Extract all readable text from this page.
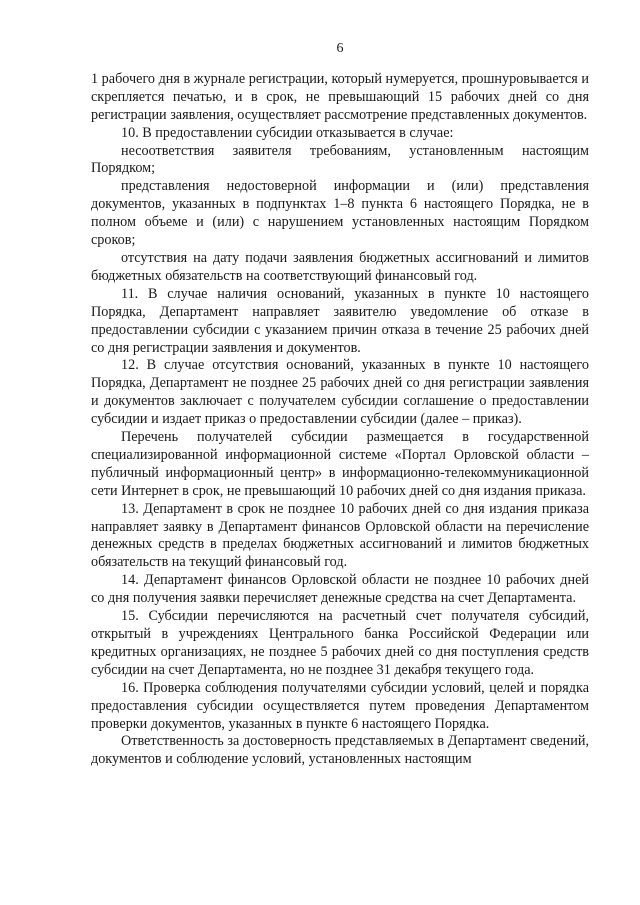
6

1 рабочего дня в журнале регистрации, который нумеруется, прошнуровывается и скрепляется печатью, и в срок, не превышающий 15 рабочих дней со дня регистрации заявления, осуществляет рассмотрение представленных документов.

10. В предоставлении субсидии отказывается в случае:

несоответствия заявителя требованиям, установленным настоящим Порядком;

представления недостоверной информации и (или) представления документов, указанных в подпунктах 1–8 пункта 6 настоящего Порядка, не в полном объеме и (или) с нарушением установленных настоящим Порядком сроков;

отсутствия на дату подачи заявления бюджетных ассигнований и лимитов бюджетных обязательств на соответствующий финансовый год.

11. В случае наличия оснований, указанных в пункте 10 настоящего Порядка, Департамент направляет заявителю уведомление об отказе в предоставлении субсидии с указанием причин отказа в течение 25 рабочих дней со дня регистрации заявления и документов.

12. В случае отсутствия оснований, указанных в пункте 10 настоящего Порядка, Департамент не позднее 25 рабочих дней со дня регистрации заявления и документов заключает с получателем субсидии соглашение о предоставлении субсидии и издает приказ о предоставлении субсидии (далее – приказ).

Перечень получателей субсидии размещается в государственной специализированной информационной системе «Портал Орловской области – публичный информационный центр» в информационно-телекоммуникационной сети Интернет в срок, не превышающий 10 рабочих дней со дня издания приказа.

13. Департамент в срок не позднее 10 рабочих дней со дня издания приказа направляет заявку в Департамент финансов Орловской области на перечисление денежных средств в пределах бюджетных ассигнований и лимитов бюджетных обязательств на текущий финансовый год.

14. Департамент финансов Орловской области не позднее 10 рабочих дней со дня получения заявки перечисляет денежные средства на счет Департамента.

15. Субсидии перечисляются на расчетный счет получателя субсидий, открытый в учреждениях Центрального банка Российской Федерации или кредитных организациях, не позднее 5 рабочих дней со дня поступления средств субсидии на счет Департамента, но не позднее 31 декабря текущего года.

16. Проверка соблюдения получателями субсидии условий, целей и порядка предоставления субсидии осуществляется путем проведения Департаментом проверки документов, указанных в пункте 6 настоящего Порядка.

Ответственность за достоверность представляемых в Департамент сведений, документов и соблюдение условий, установленных настоящим
